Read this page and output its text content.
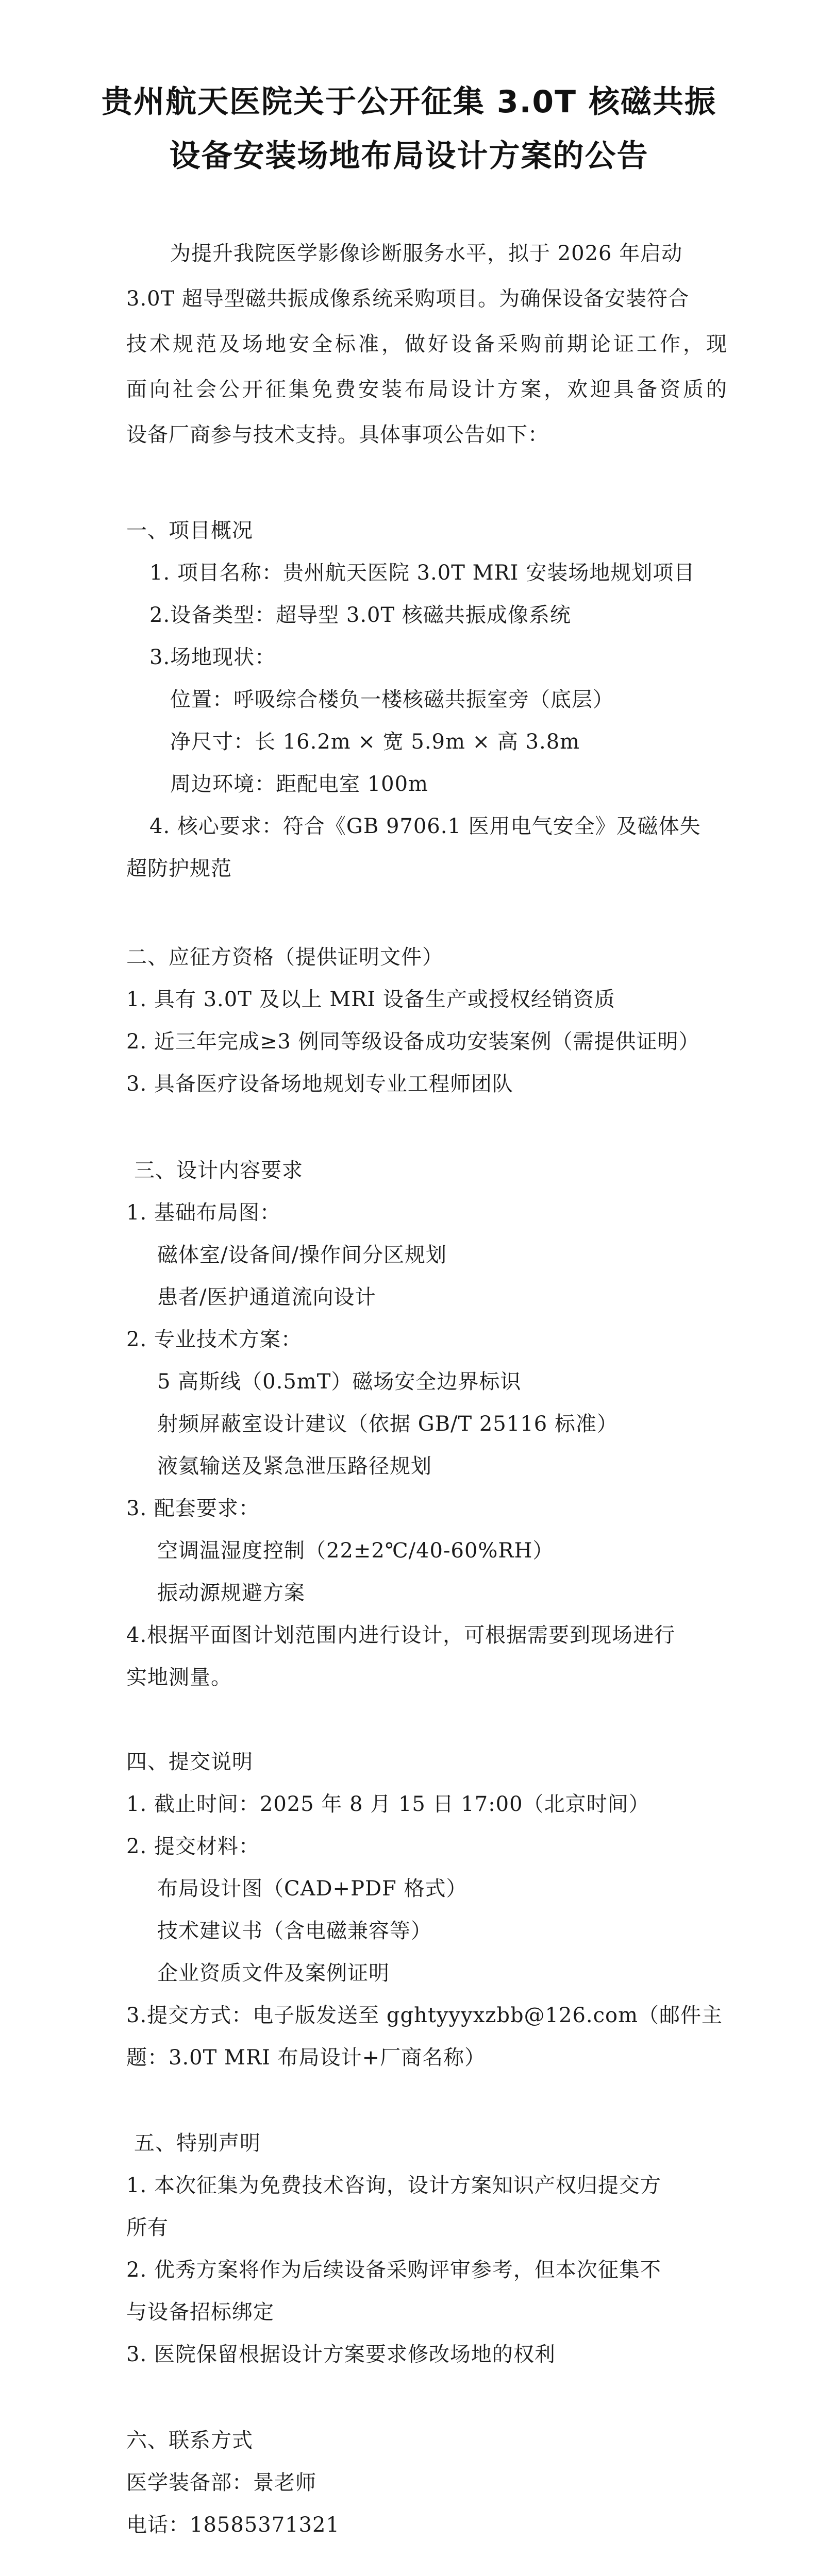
贵州航天医院关于公开征集 3.0T 核磁共振
设备安装场地布局设计方案的公告
为提升我院医学影像诊断服务水平，拟于 2026 年启动
3.0T 超导型磁共振成像系统采购项目。为确保设备安装符合
技术规范及场地安全标准，做好设备采购前期论证工作，现
面向社会公开征集免费安装布局设计方案，欢迎具备资质的
设备厂商参与技术支持。具体事项公告如下：
一、项目概况
1. 项目名称：贵州航天医院 3.0T MRI 安装场地规划项目
2.设备类型：超导型 3.0T 核磁共振成像系统
3.场地现状：
位置：呼吸综合楼负一楼核磁共振室旁（底层）
净尺寸：长 16.2m × 宽 5.9m × 高 3.8m
周边环境：距配电室 100m
4. 核心要求：符合《GB 9706.1 医用电气安全》及磁体失
超防护规范
二、应征方资格（提供证明文件）
1. 具有 3.0T 及以上 MRI 设备生产或授权经销资质
2. 近三年完成≥3 例同等级设备成功安装案例（需提供证明）
3. 具备医疗设备场地规划专业工程师团队
三、设计内容要求
1. 基础布局图：
磁体室/设备间/操作间分区规划
患者/医护通道流向设计
2. 专业技术方案：
5 高斯线（0.5mT）磁场安全边界标识
射频屏蔽室设计建议（依据 GB/T 25116 标准）
液氦输送及紧急泄压路径规划
3. 配套要求：
空调温湿度控制（22±2℃/40-60%RH）
振动源规避方案
4.根据平面图计划范围内进行设计，可根据需要到现场进行
实地测量。
四、提交说明
1. 截止时间：2025 年 8 月 15 日 17:00（北京时间）
2. 提交材料：
布局设计图（CAD+PDF 格式）
技术建议书（含电磁兼容等）
企业资质文件及案例证明
3.提交方式：电子版发送至 gghtyyyxzbb@126.com（邮件主
题：3.0T MRI 布局设计+厂商名称）
五、特别声明
1. 本次征集为免费技术咨询，设计方案知识产权归提交方
所有
2. 优秀方案将作为后续设备采购评审参考，但本次征集不
与设备招标绑定
3. 医院保留根据设计方案要求修改场地的权利
六、联系方式
医学装备部：景老师
电话：18585371321
